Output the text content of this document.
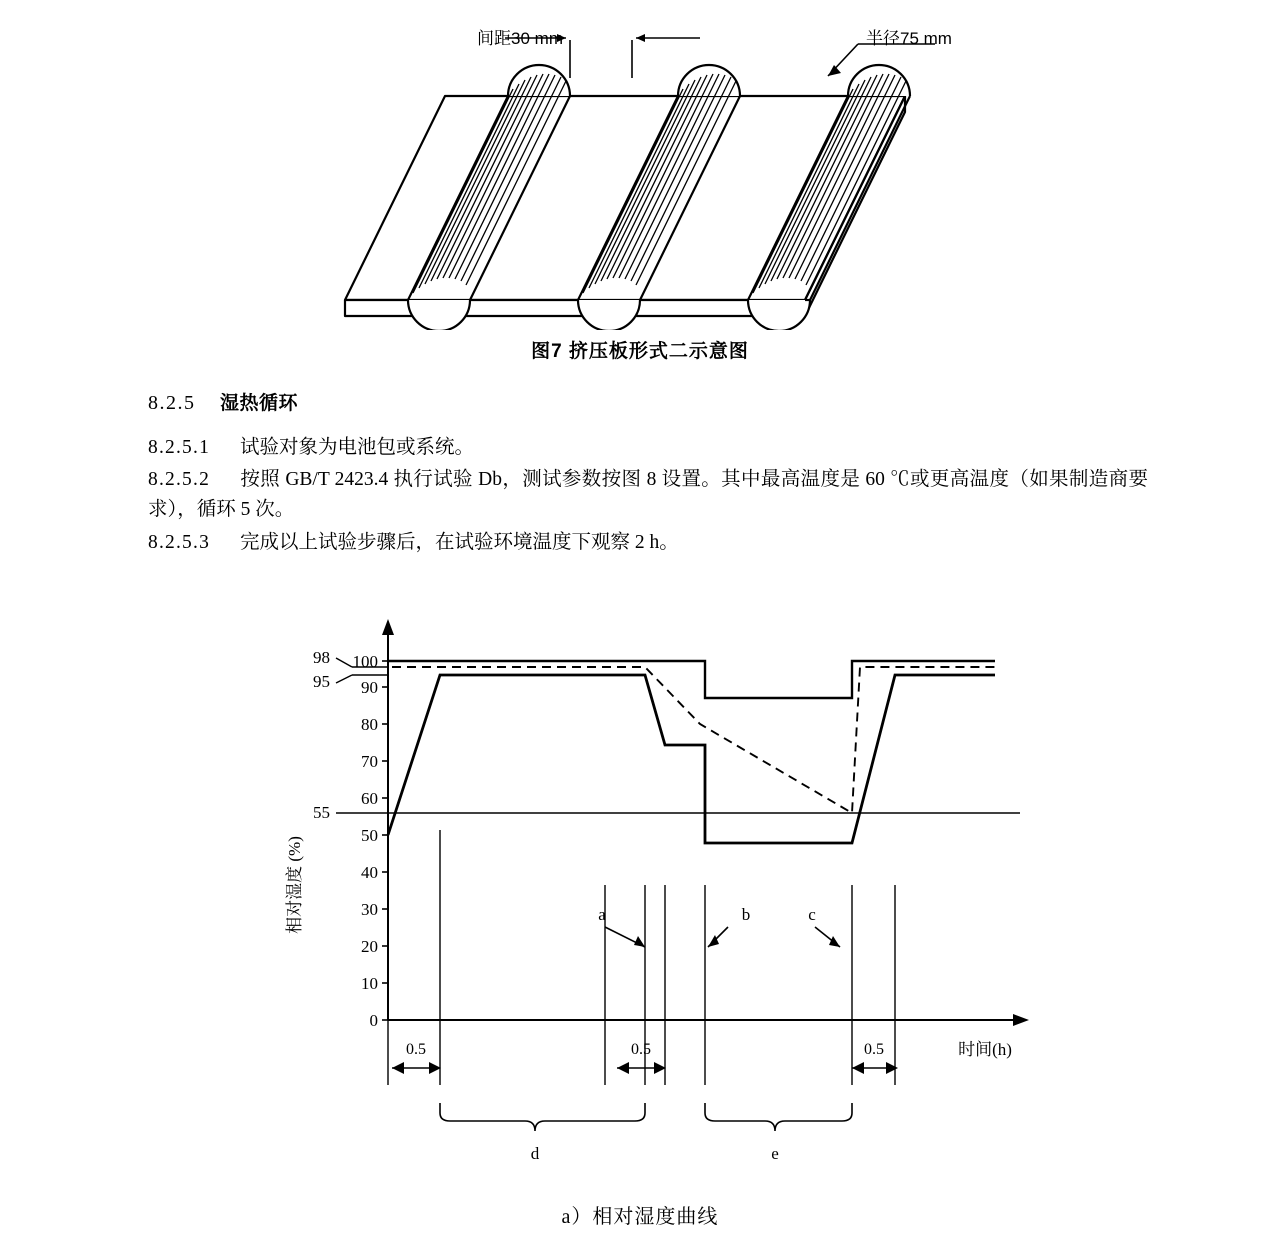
间距30 mm	半径75 mm
图7 挤压板形式二示意图
8.2.5 湿热循环

8.2.5.1 试验对象为电池包或系统。

8.2.5.2 按照 GB/T 2423.4 执行试验 Db，测试参数按图 8 设置。其中最高温度是 60 ℃或更高温度（如果制造商要求），循环 5 次。

8.2.5.3 完成以上试验步骤后，在试验环境温度下观察 2 h。

0
10
20
30
40
50
60
70
80
90
100
98
95
55
相对湿度 (%)
时间(h)
0.5	0.5	0.5
a	b	c
d	e
a）相对湿度曲线
